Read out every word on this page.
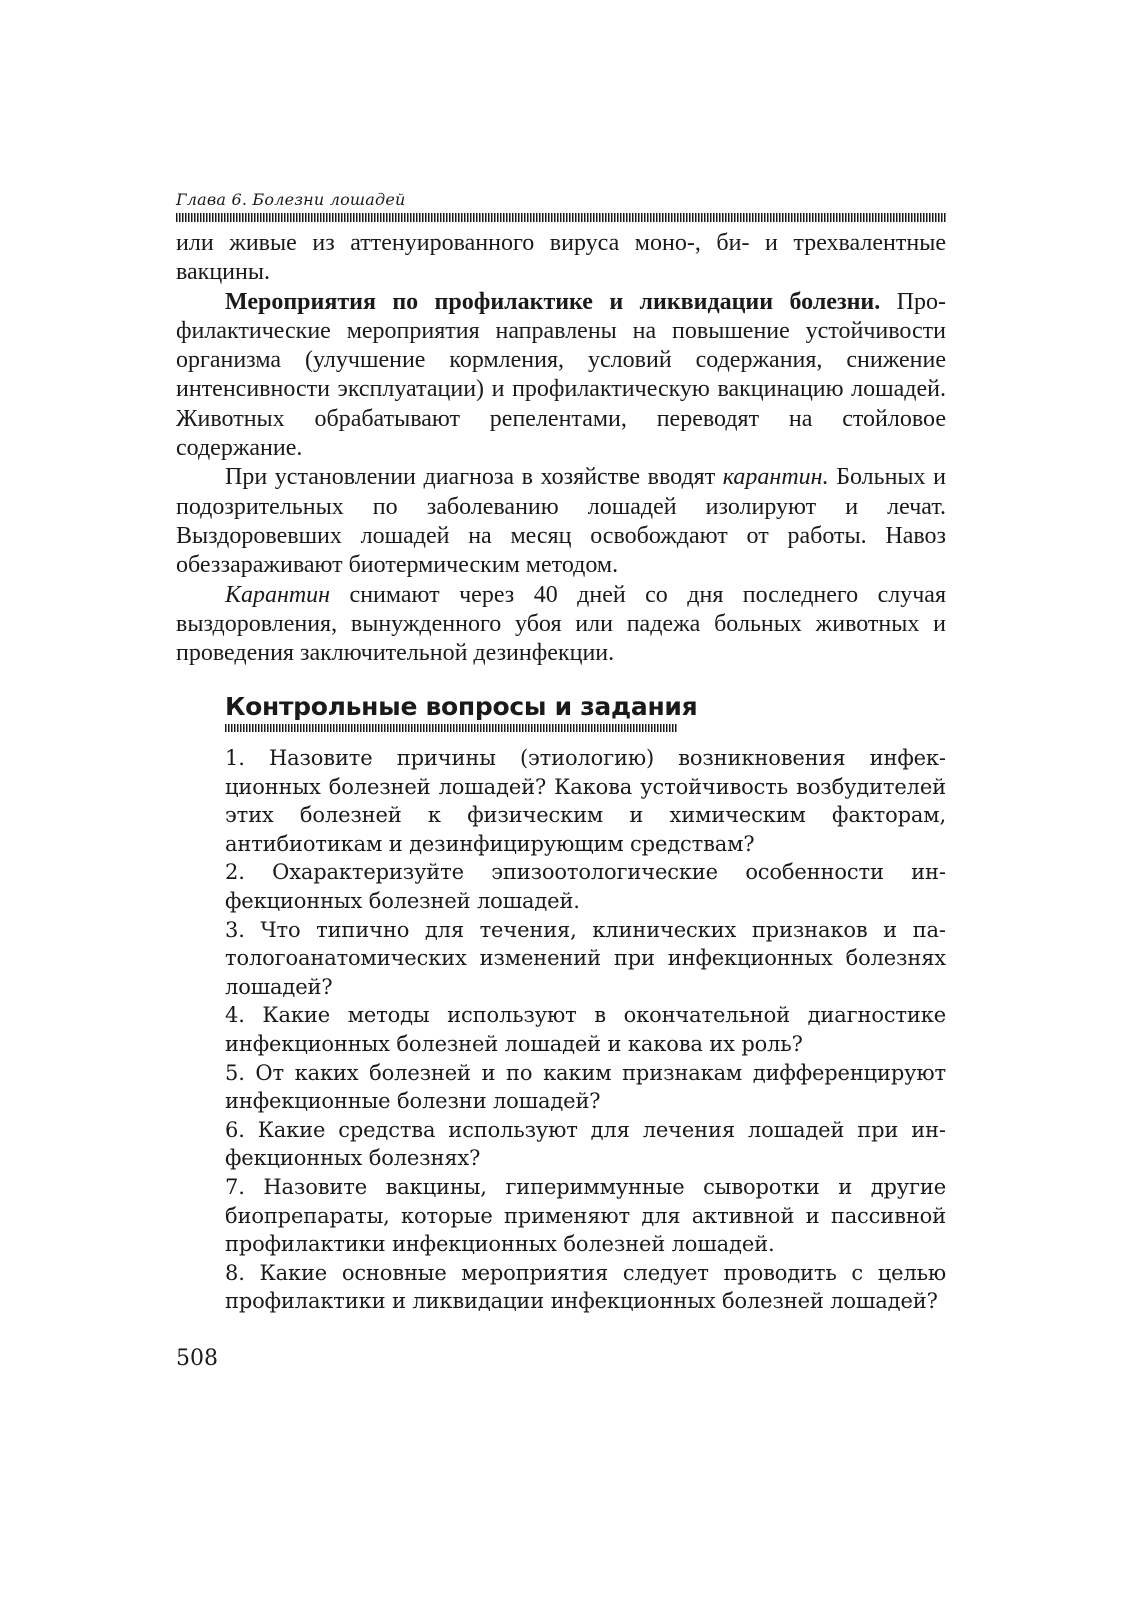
Глава 6. Болезни лошадей

или живые из аттенуированного вируса моно-, би- и трехвалентные вакцины.

Мероприятия по профилактике и ликвидации болезни. Профилактические мероприятия направлены на повышение устойчивости организма (улучшение кормления, условий содержания, снижение интенсивности эксплуатации) и профилактическую вакцинацию лошадей. Животных обрабатывают репелентами, переводят на стойловое содержание.

При установлении диагноза в хозяйстве вводят карантин. Больных и подозрительных по заболеванию лошадей изолируют и лечат. Выздоровевших лошадей на месяц освобождают от работы. Навоз обеззараживают биотермическим методом.

Карантин снимают через 40 дней со дня последнего случая выздоровления, вынужденного убоя или падежа больных животных и проведения заключительной дезинфекции.

Контрольные вопросы и задания

1. Назовите причины (этиологию) возникновения инфекционных болезней лошадей? Какова устойчивость возбудителей этих болезней к физическим и химическим факторам, антибиотикам и дезинфицирующим средствам?

2. Охарактеризуйте эпизоотологические особенности инфекционных болезней лошадей.

3. Что типично для течения, клинических признаков и патологоанатомических изменений при инфекционных болезнях лошадей?

4. Какие методы используют в окончательной диагностике инфекционных болезней лошадей и какова их роль?

5. От каких болезней и по каким признакам дифференцируют инфекционные болезни лошадей?

6. Какие средства используют для лечения лошадей при инфекционных болезнях?

7. Назовите вакцины, гипериммунные сыворотки и другие биопрепараты, которые применяют для активной и пассивной профилактики инфекционных болезней лошадей.

8. Какие основные мероприятия следует проводить с целью профилактики и ликвидации инфекционных болезней лошадей?

508
